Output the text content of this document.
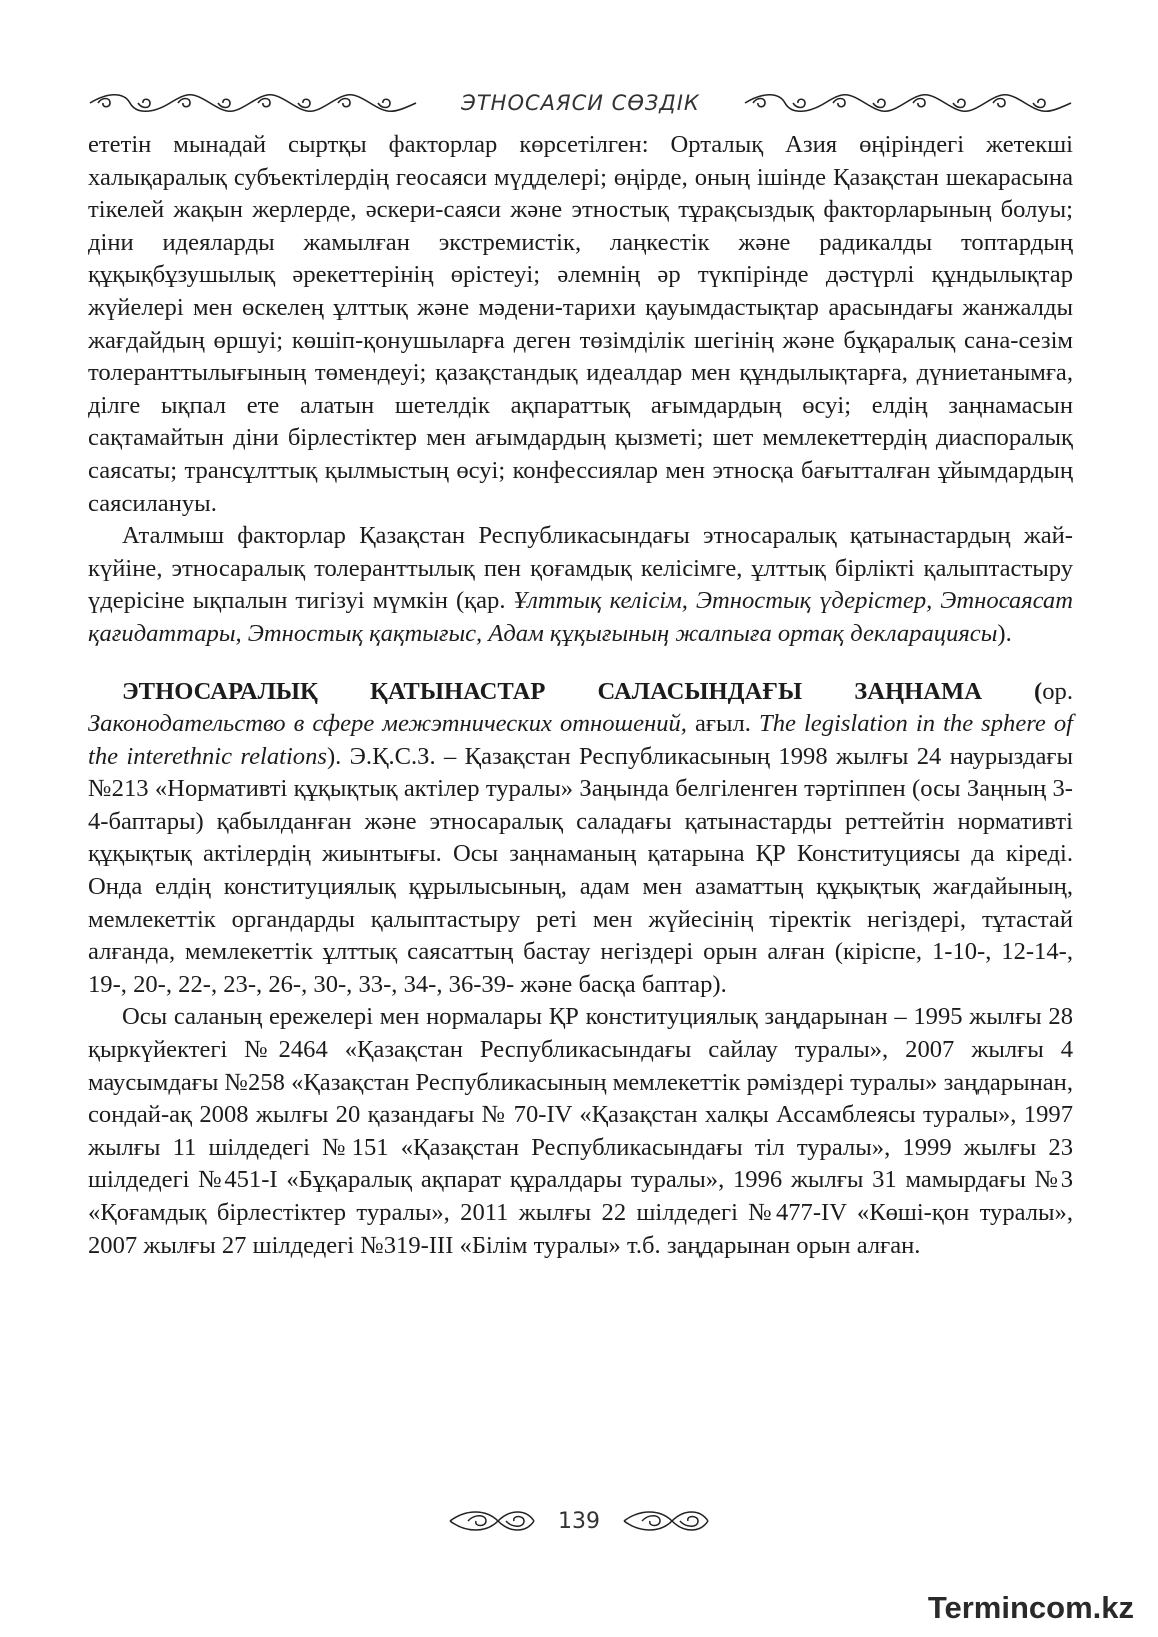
ЭТНОСАЯСИ СӨЗДІК

ететін мынадай сыртқы факторлар көрсетілген: Орталық Азия өңіріндегі жетекші халықаралық субъектілердің геосаяси мүдделері; өңірде, оның ішінде Қазақстан шекарасына тікелей жақын жерлерде, әскери-саяси және этностық тұрақсыздық факторларының болуы; діни идеяларды жамылған экстремистік, лаңкестік және радикалды топтардың құқықбұзушылық әрекеттерінің өрістеуі; әлемнің әр түкпірінде дәстүрлі құндылықтар жүйелері мен өскелең ұлттық және мәдени-тарихи қауымдастықтар арасындағы жанжалды жағдайдың өршуі; көшіп-қонушыларға деген төзімділік шегінің және бұқаралық сана-сезім толеранттылығының төмендеуі; қазақстандық идеалдар мен құндылықтарға, дүниетанымға, ділге ықпал ете алатын шетелдік ақпараттық ағымдардың өсуі; елдің заңнамасын сақтамайтын діни бірлестіктер мен ағымдардың қызметі; шет мемлекеттердің диаспоралық саясаты; трансұлттық қылмыстың өсуі; конфессиялар мен этносқа бағытталған ұйымдардың саясилануы.

Аталмыш факторлар Қазақстан Республикасындағы этносаралық қатынастардың жай-күйіне, этносаралық толеранттылық пен қоғамдық келісімге, ұлттық бірлікті қалыптастыру үдерісіне ықпалын тигізуі мүмкін (қар. Ұлттық келісім, Этностық үдерістер, Этносаясат қағидаттары, Этностық қақтығыс, Адам құқығының жалпыға ортақ декларациясы).

ЭТНОСАРАЛЫҚ ҚАТЫНАСТАР САЛАСЫНДАҒЫ ЗАҢНАМА (ор. Законодательство в сфере межэтнических отношений, ағыл. The legislation in the sphere of the interethnic relations). Э.Қ.С.З. – Қазақстан Республикасының 1998 жылғы 24 наурыздағы №213 «Нормативті құқықтық актілер туралы» Заңында белгіленген тәртіппен (осы Заңның 3-4-баптары) қабылданған және этносаралық саладағы қатынастарды реттейтін нормативті құқықтық актілердің жиынтығы. Осы заңнаманың қатарына ҚР Конституциясы да кіреді. Онда елдің конституциялық құрылысының, адам мен азаматтың құқықтық жағдайының, мемлекеттік органдарды қалыптастыру реті мен жүйесінің тіректік негіздері, тұтастай алғанда, мемлекеттік ұлттық саясаттың бастау негіздері орын алған (кіріспе, 1-10-, 12-14-, 19-, 20-, 22-, 23-, 26-, 30-, 33-, 34-, 36-39- және басқа баптар).

Осы саланың ережелері мен нормалары ҚР конституциялық заңдарынан – 1995 жылғы 28 қыркүйектегі №2464 «Қазақстан Республикасындағы сайлау туралы», 2007 жылғы 4 маусымдағы №258 «Қазақстан Республикасының мемлекеттік рәміздері туралы» заңдарынан, сондай-ақ 2008 жылғы 20 қазандағы № 70-IV «Қазақстан халқы Ассамблеясы туралы», 1997 жылғы 11 шілдедегі №151 «Қазақстан Республикасындағы тіл туралы», 1999 жылғы 23 шілдедегі №451-I «Бұқаралық ақпарат құралдары туралы», 1996 жылғы 31 мамырдағы №3 «Қоғамдық бірлестіктер туралы», 2011 жылғы 22 шілдедегі №477-IV «Көші-қон туралы», 2007 жылғы 27 шілдедегі №319-III «Білім туралы» т.б. заңдарынан орын алған.

139
Termincom.kz
